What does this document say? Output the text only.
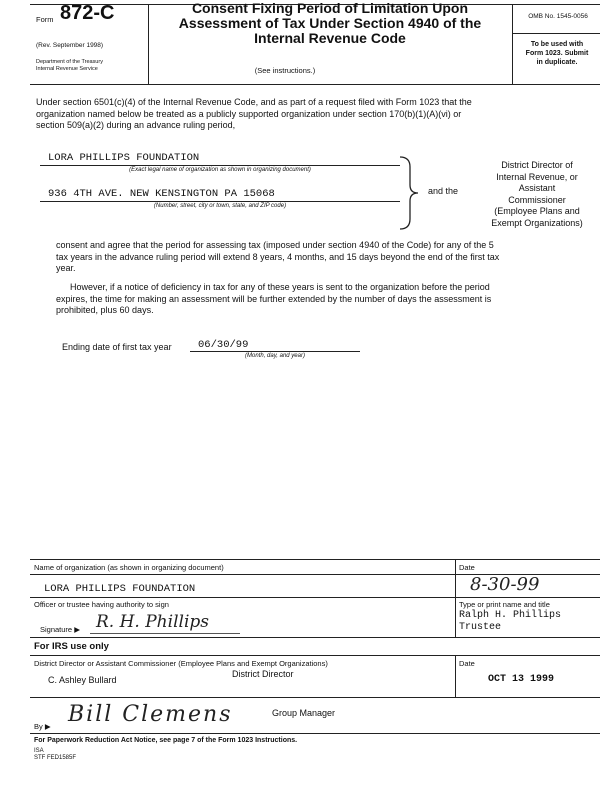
Form 872-C
(Rev. September 1998)
Department of the Treasury
Internal Revenue Service
Consent Fixing Period of Limitation Upon
Assessment of Tax Under Section 4940 of the
Internal Revenue Code
(See instructions.)
OMB No. 1545-0056
To be used with
Form 1023. Submit
in duplicate.
Under section 6501(c)(4) of the Internal Revenue Code, and as part of a request filed with Form 1023 that the
organization named below be treated as a publicly supported organization under section 170(b)(1)(A)(vi) or
section 509(a)(2) during an advance ruling period,
LORA PHILLIPS FOUNDATION
(Exact legal name of organization as shown in organizing document)
936 4TH AVE. NEW KENSINGTON PA 15068
(Number, street, city or town, state, and ZIP code)
and the
District Director of
Internal Revenue, or
Assistant
Commissioner
(Employee Plans and
Exempt Organizations)
consent and agree that the period for assessing tax (imposed under section 4940 of the Code) for any of the 5
tax years in the advance ruling period will extend 8 years, 4 months, and 15 days beyond the end of the first tax
year.
However, if a notice of deficiency in tax for any of these years is sent to the organization before the period
expires, the time for making an assessment will be further extended by the number of days the assessment is
prohibited, plus 60 days.
Ending date of first tax year	06/30/99
(Month, day, and year)
Name of organization (as shown in organizing document)	Date
LORA PHILLIPS FOUNDATION	8-30-99
Officer or trustee having authority to sign
Signature ▶ R. H. Phillips
Type or print name and title
Ralph H. Phillips
Trustee
For IRS use only
District Director or Assistant Commissioner (Employee Plans and Exempt Organizations)	Date
C. Ashley Bullard
District Director	OCT 13 1999
By ▶ Bill Clemens	Group Manager
For Paperwork Reduction Act Notice, see page 7 of the Form 1023 Instructions.
ISA
STF FED1585F
